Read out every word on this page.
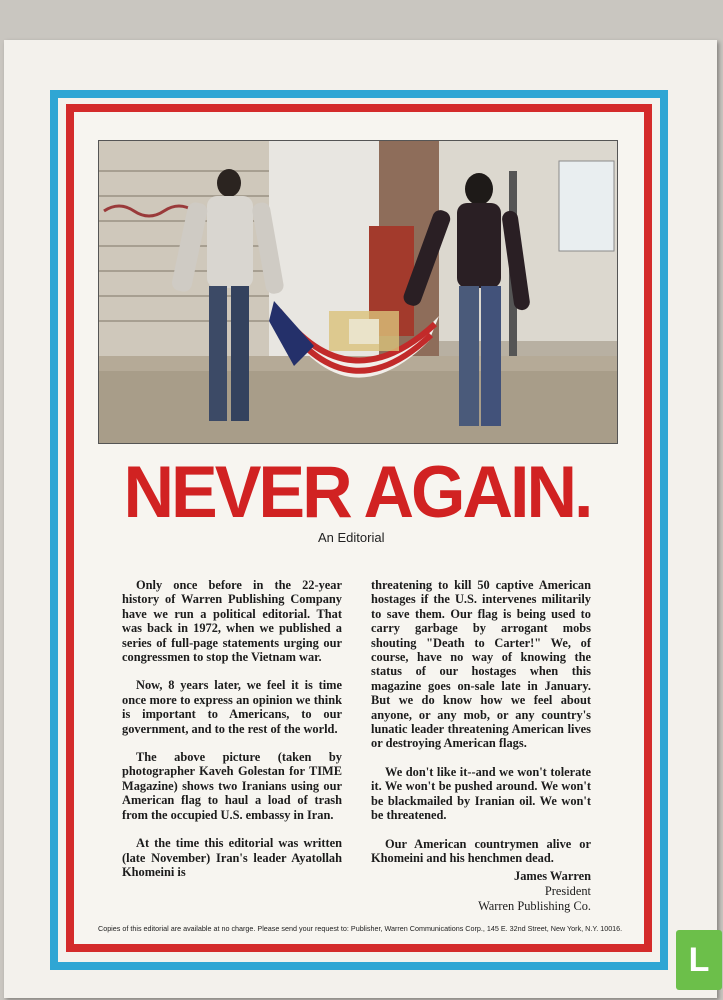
NEVER AGAIN.
An Editorial

Only once before in the 22-year history of Warren Publishing Company have we run a political editorial. That was back in 1972, when we published a series of full-page statements urging our congressmen to stop the Vietnam war.

Now, 8 years later, we feel it is time once more to express an opinion we think is important to Americans, to our government, and to the rest of the world.

The above picture (taken by photographer Kaveh Golestan for TIME Magazine) shows two Iranians using our American flag to haul a load of trash from the occupied U.S. embassy in Iran.

At the time this editorial was written (late November) Iran's leader Ayatollah Khomeini is

threatening to kill 50 captive American hostages if the U.S. intervenes militarily to save them. Our flag is being used to carry garbage by arrogant mobs shouting "Death to Carter!" We, of course, have no way of knowing the status of our hostages when this magazine goes on-sale late in January. But we do know how we feel about anyone, or any mob, or any country's lunatic leader threatening American lives or destroying American flags.

We don't like it--and we won't tolerate it. We won't be pushed around. We won't be blackmailed by Iranian oil. We won't be threatened.

Our American countrymen alive or Khomeini and his henchmen dead.

James Warren
President
Warren Publishing Co.
Copies of this editorial are available at no charge. Please send your request to: Publisher, Warren Communications Corp., 145 E. 32nd Street, New York, N.Y. 10016.
L
